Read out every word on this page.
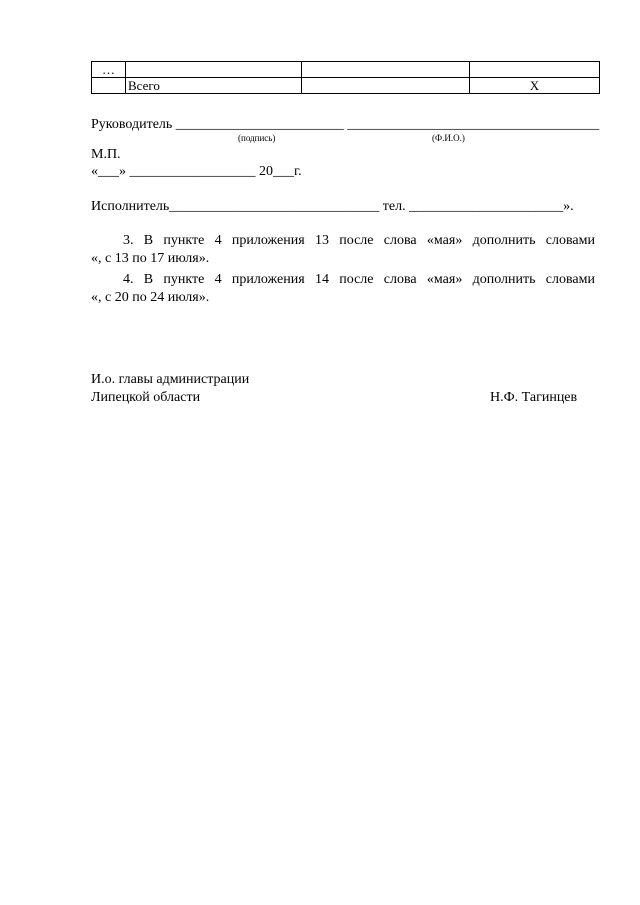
…			
	Всего		Х
Руководитель ________________________ ____________________________________
(подпись)	(Ф.И.О.)
М.П.
«___» __________________ 20___г.
Исполнитель______________________________ тел. ______________________».
3. В пункте 4 приложения 13 после слова «мая» дополнить словами
«, с 13 по 17 июля».
4. В пункте 4 приложения 14 после слова «мая» дополнить словами
«, с 20 по 24 июля».
И.о. главы администрации
Липецкой области	Н.Ф. Тагинцев
